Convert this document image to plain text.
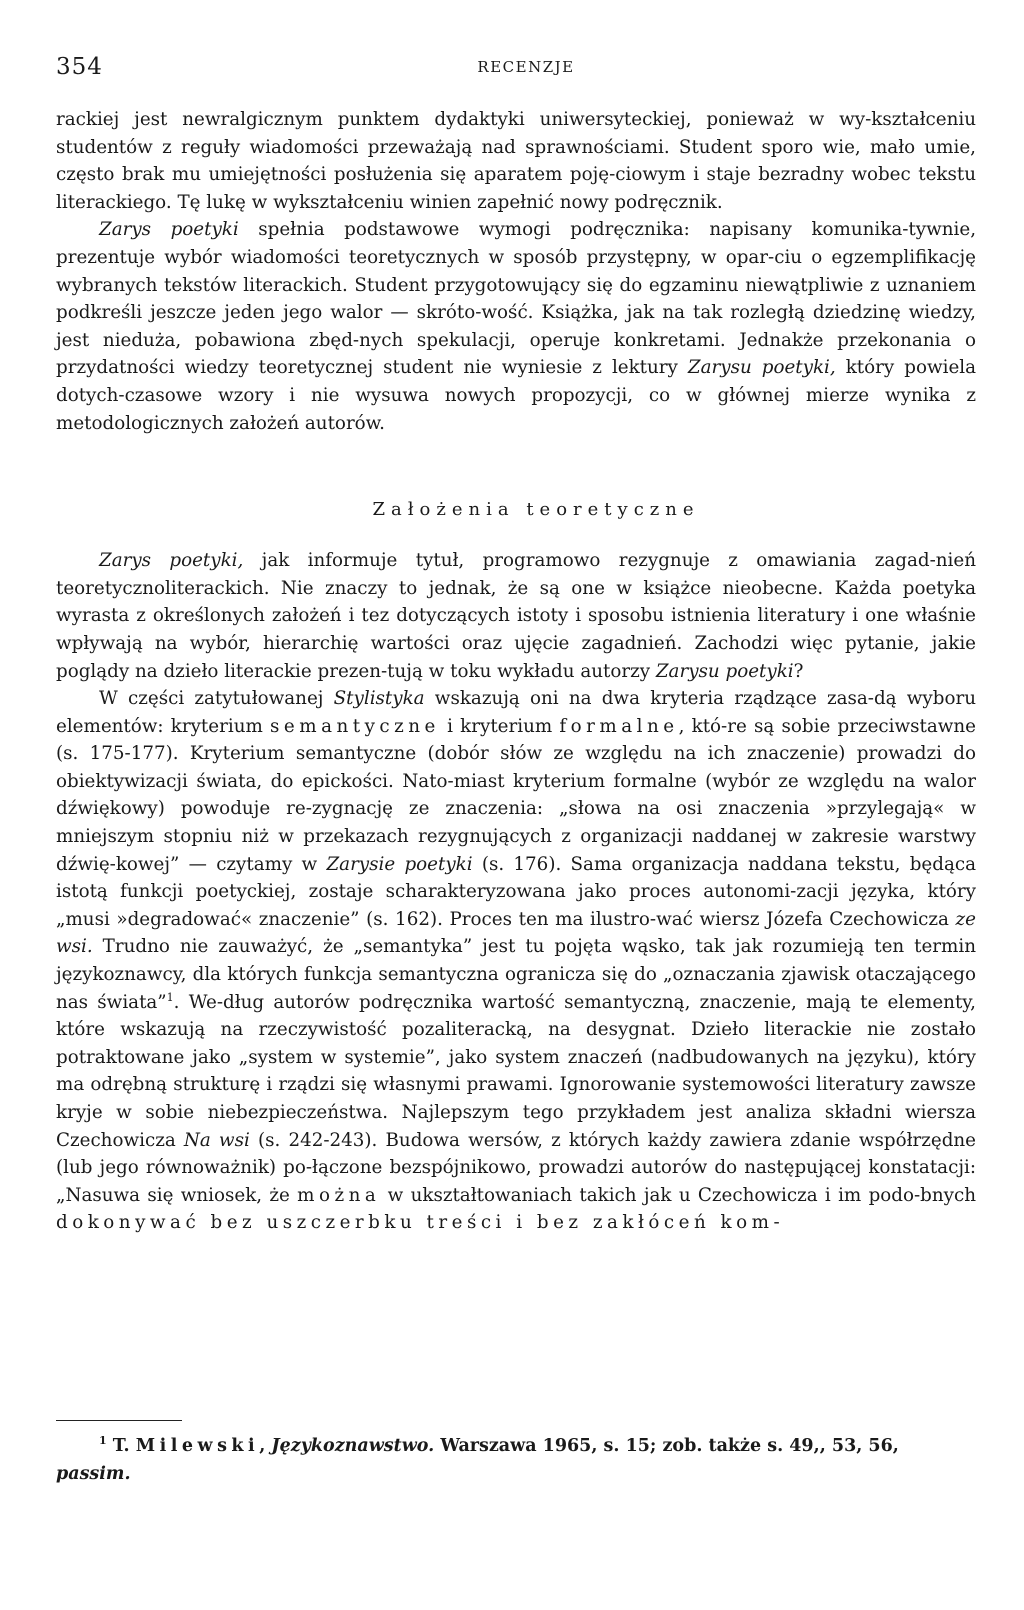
354	RECENZJE

rackiej jest newralgicznym punktem dydaktyki uniwersyteckiej, ponieważ w wy-kształceniu studentów z reguły wiadomości przeważają nad sprawnościami. Student sporo wie, mało umie, często brak mu umiejętności posłużenia się aparatem poję-ciowym i staje bezradny wobec tekstu literackiego. Tę lukę w wykształceniu winien zapełnić nowy podręcznik.

Zarys poetyki spełnia podstawowe wymogi podręcznika: napisany komunika-tywnie, prezentuje wybór wiadomości teoretycznych w sposób przystępny, w opar-ciu o egzemplifikację wybranych tekstów literackich. Student przygotowujący się do egzaminu niewątpliwie z uznaniem podkreśli jeszcze jeden jego walor — skróto-wość. Książka, jak na tak rozległą dziedzinę wiedzy, jest nieduża, pobawiona zbęd-nych spekulacji, operuje konkretami. Jednakże przekonania o przydatności wiedzy teoretycznej student nie wyniesie z lektury Zarysu poetyki, który powiela dotych-czasowe wzory i nie wysuwa nowych propozycji, co w głównej mierze wynika z metodologicznych założeń autorów.

Założenia teoretyczne

Zarys poetyki, jak informuje tytuł, programowo rezygnuje z omawiania zagad-nień teoretycznoliterackich. Nie znaczy to jednak, że są one w książce nieobecne. Każda poetyka wyrasta z określonych założeń i tez dotyczących istoty i sposobu istnienia literatury i one właśnie wpływają na wybór, hierarchię wartości oraz ujęcie zagadnień. Zachodzi więc pytanie, jakie poglądy na dzieło literackie prezen-tują w toku wykładu autorzy Zarysu poetyki?

W części zatytułowanej Stylistyka wskazują oni na dwa kryteria rządzące zasa-dą wyboru elementów: kryterium semantyczne i kryterium formalne, któ-re są sobie przeciwstawne (s. 175-177). Kryterium semantyczne (dobór słów ze względu na ich znaczenie) prowadzi do obiektywizacji świata, do epickości. Nato-miast kryterium formalne (wybór ze względu na walor dźwiękowy) powoduje re-zygnację ze znaczenia: „słowa na osi znaczenia »przylegają« w mniejszym stopniu niż w przekazach rezygnujących z organizacji naddanej w zakresie warstwy dźwię-kowej” — czytamy w Zarysie poetyki (s. 176). Sama organizacja naddana tekstu, będąca istotą funkcji poetyckiej, zostaje scharakteryzowana jako proces autonomi-zacji języka, który „musi »degradować« znaczenie” (s. 162). Proces ten ma ilustro-wać wiersz Józefa Czechowicza ze wsi. Trudno nie zauważyć, że „semantyka” jest tu pojęta wąsko, tak jak rozumieją ten termin językoznawcy, dla których funkcja semantyczna ogranicza się do „oznaczania zjawisk otaczającego nas świata”$^1$. We-dług autorów podręcznika wartość semantyczną, znaczenie, mają te elementy, które wskazują na rzeczywistość pozaliteracką, na desygnat. Dzieło literackie nie zostało potraktowane jako „system w systemie”, jako system znaczeń (nadbudowanych na języku), który ma odrębną strukturę i rządzi się własnymi prawami. Ignorowanie systemowości literatury zawsze kryje w sobie niebezpieczeństwa. Najlepszym tego przykładem jest analiza składni wiersza Czechowicza Na wsi (s. 242-243). Budowa wersów, z których każdy zawiera zdanie współrzędne (lub jego równoważnik) po-łączone bezspójnikowo, prowadzi autorów do następującej konstatacji: „Nasuwa się wniosek, że można w ukształtowaniach takich jak u Czechowicza i im podo-bnych dokonywać bez uszczerbku treści i bez zakłóceń kom-

$^1$ T. Milewski, Językoznawstwo. Warszawa 1965, s. 15; zob. także s. 49,, 53, 56, passim.
